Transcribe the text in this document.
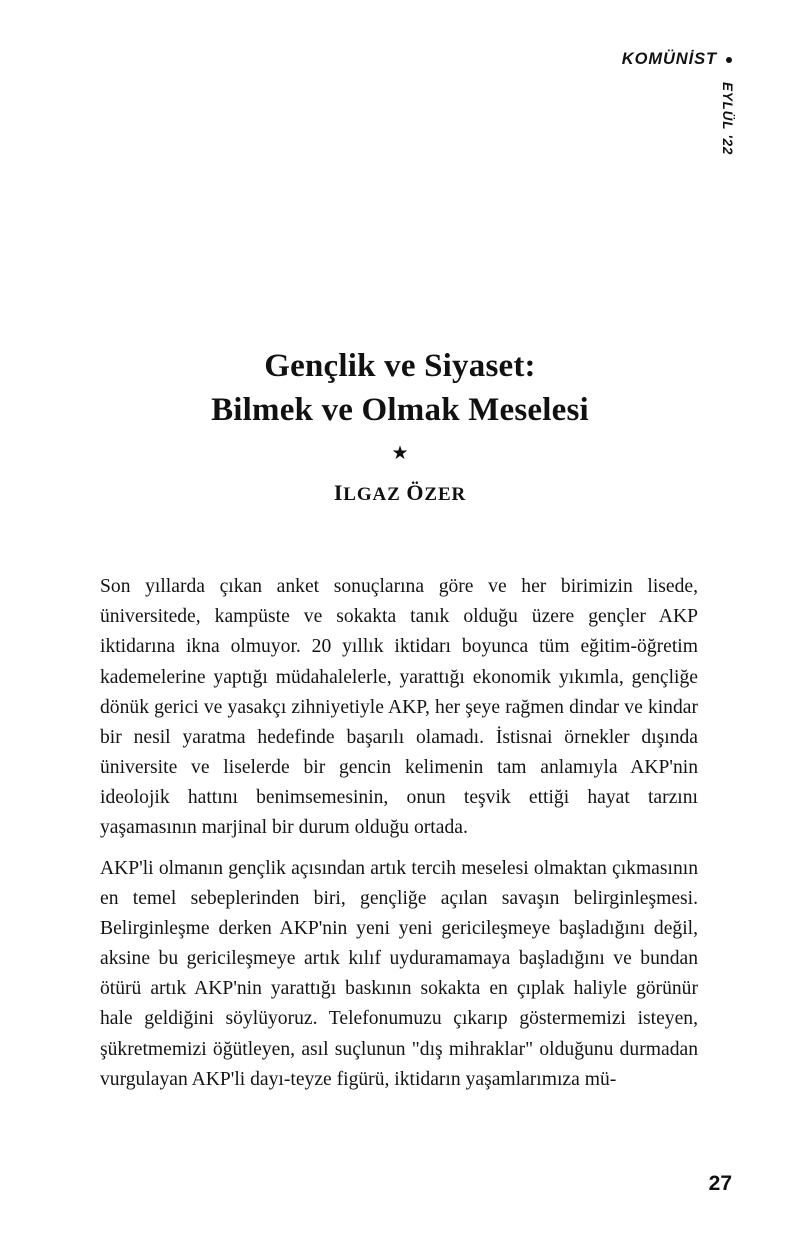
KOMÜNİST
EYLÜL '22
Gençlik ve Siyaset:
Bilmek ve Olmak Meselesi
★
ILGAZ ÖZER

Son yıllarda çıkan anket sonuçlarına göre ve her birimizin lisede, üniversitede, kampüste ve sokakta tanık olduğu üzere gençler AKP iktidarına ikna olmuyor. 20 yıllık iktidarı boyunca tüm eğitim-öğretim kademelerine yaptığı müdahalelerle, yarattığı ekonomik yıkımla, gençliğe dönük gerici ve yasakçı zihniyetiyle AKP, her şeye rağmen dindar ve kindar bir nesil yaratma hedefinde başarılı olamadı. İstisnai örnekler dışında üniversite ve liselerde bir gencin kelimenin tam anlamıyla AKP'nin ideolojik hattını benimsemesinin, onun teşvik ettiği hayat tarzını yaşamasının marjinal bir durum olduğu ortada.

AKP'li olmanın gençlik açısından artık tercih meselesi olmaktan çıkmasının en temel sebeplerinden biri, gençliğe açılan savaşın belirginleşmesi. Belirginleşme derken AKP'nin yeni yeni gericileşmeye başladığını değil, aksine bu gericileşmeye artık kılıf uyduramamaya başladığını ve bundan ötürü artık AKP'nin yarattığı baskının sokakta en çıplak haliyle görünür hale geldiğini söylüyoruz. Telefonumuzu çıkarıp göstermemizi isteyen, şükretmemizi öğütleyen, asıl suçlunun "dış mihraklar" olduğunu durmadan vurgulayan AKP'li dayı-teyze figürü, iktidarın yaşamlarımıza mü-

27
